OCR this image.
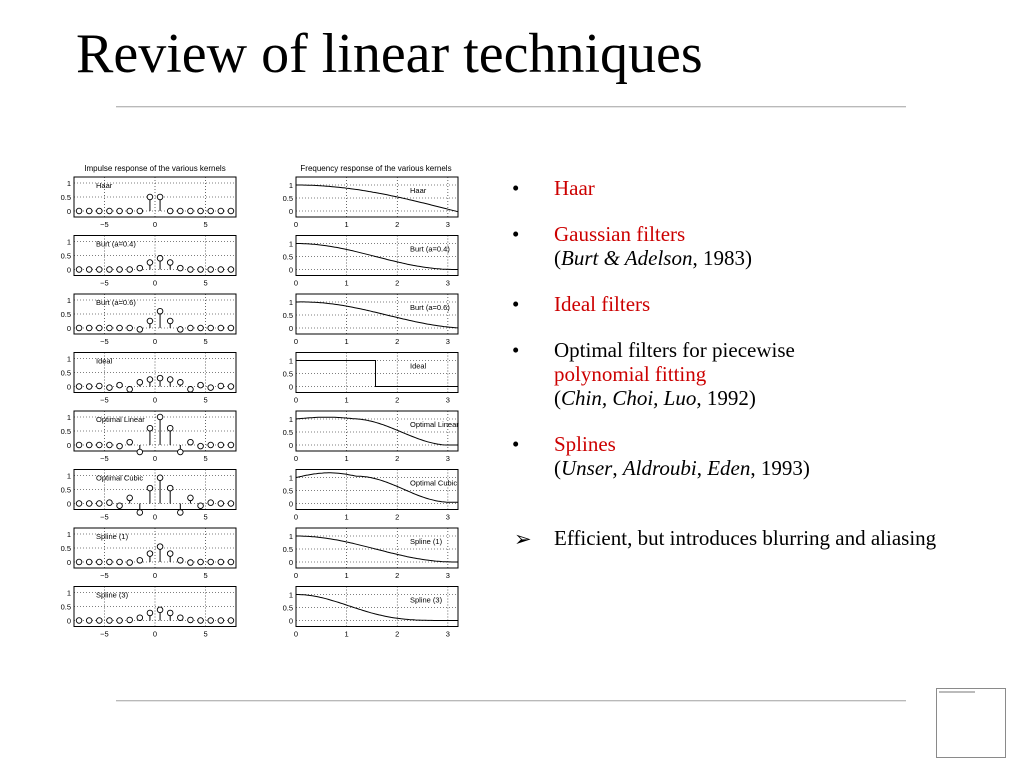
Review of linear techniques
Impulse response of the various kernels	Frequency response of the various kernels
−5	0	5
1
0.5
0
Haar
0	1	2	3
1
0.5
0
Haar
−5	0	5
1
0.5
0
Burt (a=0.4)
0	1	2	3
1
0.5
0
Burt (a=0.4)
−5	0	5
1
0.5
0
Burt (a=0.6)
0	1	2	3
1
0.5
0
Burt (a=0.6)
−5	0	5
1
0.5
0
Ideal
0	1	2	3
1
0.5
0
Ideal
−5	0	5
1
0.5
0
Optimal Linear
0	1	2	3
1
0.5
0
Optimal Linear
−5	0	5
1
0.5
0
Optimal Cubic
0	1	2	3
1
0.5
0
Optimal Cubic
−5	0	5
1
0.5
0
Spline (1)
0	1	2	3
1
0.5
0
Spline (1)
−5	0	5
1
0.5
0
Spline (3)
0	1	2	3
1
0.5
0
Spline (3)
• Haar
• Gaussian filters
(Burt & Adelson, 1983)
• Ideal filters
• Optimal filters for piecewise
polynomial fitting
(Chin, Choi, Luo, 1992)
• Splines
(Unser, Aldroubi, Eden, 1993)
➢ Efficient, but introduces blurring and aliasing
